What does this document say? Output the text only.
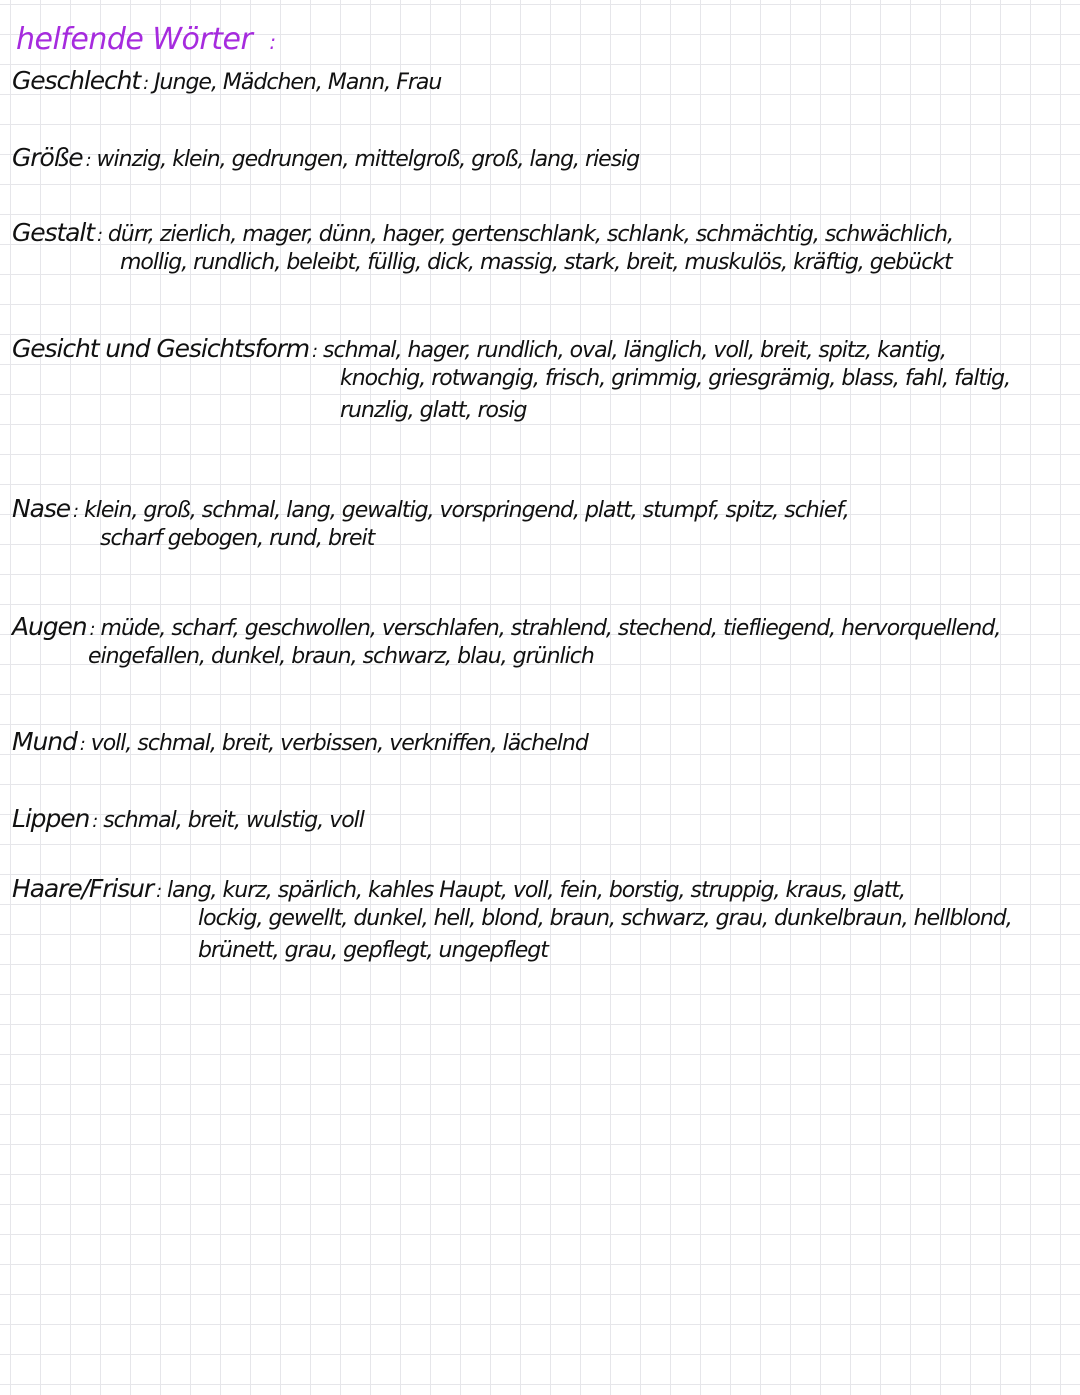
helfende Wörter :
Geschlecht : Junge, Mädchen, Mann, Frau
Größe : winzig, klein, gedrungen, mittelgroß, groß, lang, riesig
Gestalt : dürr, zierlich, mager, dünn, hager, gertenschlank, schlank, schmächtig, schwächlich,
mollig, rundlich, beleibt, füllig, dick, massig, stark, breit, muskulös, kräftig, gebückt
Gesicht und Gesichtsform : schmal, hager, rundlich, oval, länglich, voll, breit, spitz, kantig,
knochig, rotwangig, frisch, grimmig, griesgrämig, blass, fahl, faltig,
runzlig, glatt, rosig
Nase : klein, groß, schmal, lang, gewaltig, vorspringend, platt, stumpf, spitz, schief,
scharf gebogen, rund, breit
Augen : müde, scharf, geschwollen, verschlafen, strahlend, stechend, tiefliegend, hervorquellend,
eingefallen, dunkel, braun, schwarz, blau, grünlich
Mund : voll, schmal, breit, verbissen, verkniffen, lächelnd
Lippen : schmal, breit, wulstig, voll
Haare/Frisur : lang, kurz, spärlich, kahles Haupt, voll, fein, borstig, struppig, kraus, glatt,
lockig, gewellt, dunkel, hell, blond, braun, schwarz, grau, dunkelbraun, hellblond,
brünett, grau, gepflegt, ungepflegt
